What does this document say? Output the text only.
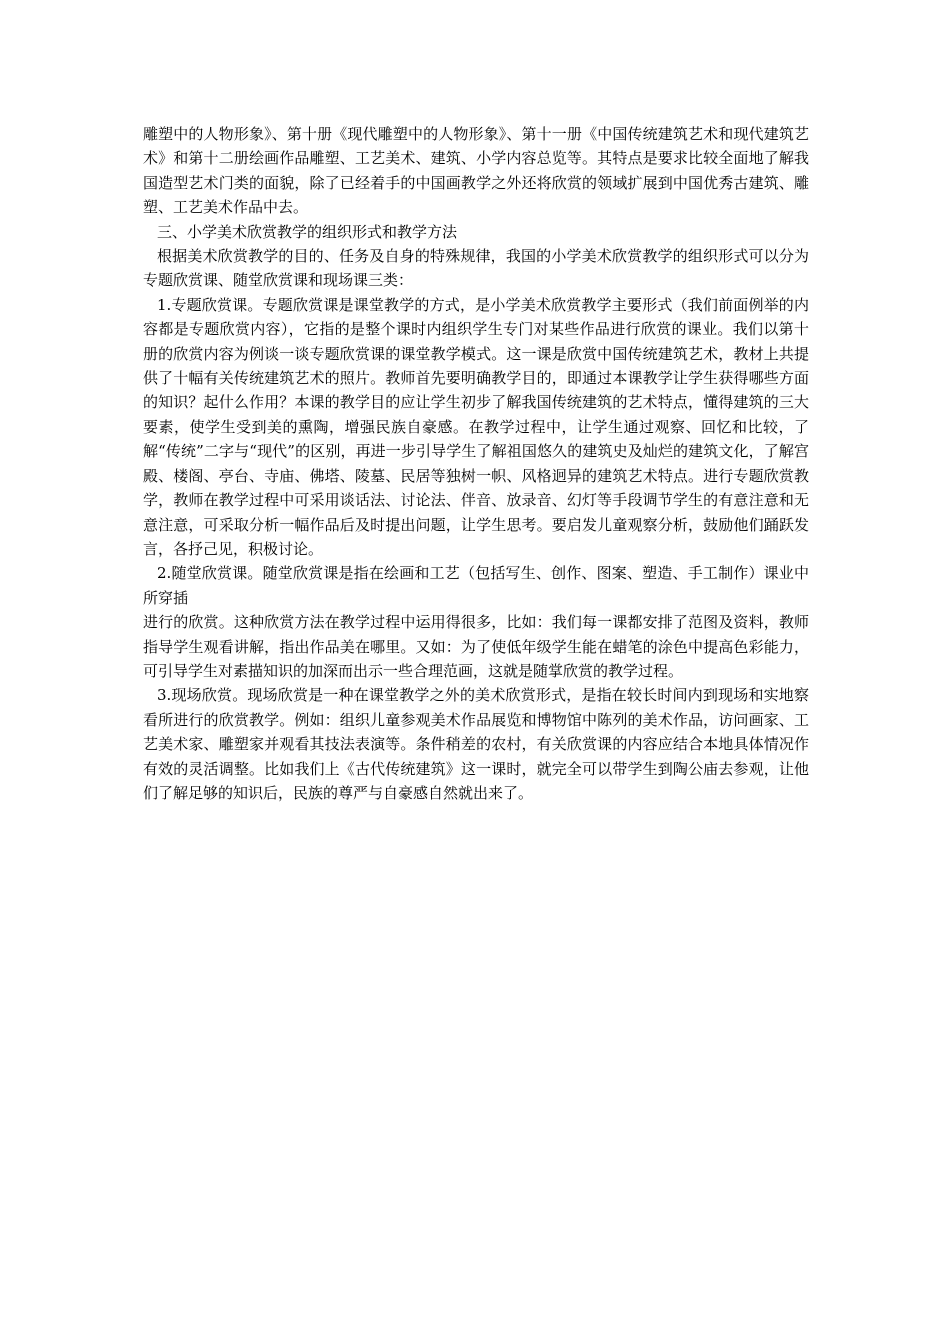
雕塑中的人物形象》、第十册《现代雕塑中的人物形象》、第十一册《中国传统建筑艺术和现代建筑艺术》和第十二册绘画作品雕塑、工艺美术、建筑、小学内容总览等。其特点是要求比较全面地了解我国造型艺术门类的面貌，除了已经着手的中国画教学之外还将欣赏的领域扩展到中国优秀古建筑、雕塑、工艺美术作品中去。

三、小学美术欣赏教学的组织形式和教学方法

根据美术欣赏教学的目的、任务及自身的特殊规律，我国的小学美术欣赏教学的组织形式可以分为专题欣赏课、随堂欣赏课和现场课三类：

1.专题欣赏课。专题欣赏课是课堂教学的方式，是小学美术欣赏教学主要形式（我们前面例举的内容都是专题欣赏内容），它指的是整个课时内组织学生专门对某些作品进行欣赏的课业。我们以第十册的欣赏内容为例谈一谈专题欣赏课的课堂教学模式。这一课是欣赏中国传统建筑艺术，教材上共提供了十幅有关传统建筑艺术的照片。教师首先要明确教学目的，即通过本课教学让学生获得哪些方面的知识？起什么作用？本课的教学目的应让学生初步了解我国传统建筑的艺术特点，懂得建筑的三大要素，使学生受到美的熏陶，增强民族自豪感。在教学过程中，让学生通过观察、回忆和比较，了解“传统”二字与“现代”的区别，再进一步引导学生了解祖国悠久的建筑史及灿烂的建筑文化，了解宫殿、楼阁、亭台、寺庙、佛塔、陵墓、民居等独树一帜、风格迥异的建筑艺术特点。进行专题欣赏教学，教师在教学过程中可采用谈话法、讨论法、伴音、放录音、幻灯等手段调节学生的有意注意和无意注意，可采取分析一幅作品后及时提出问题，让学生思考。要启发儿童观察分析，鼓励他们踊跃发言，各抒己见，积极讨论。

2.随堂欣赏课。随堂欣赏课是指在绘画和工艺（包括写生、创作、图案、塑造、手工制作）课业中所穿插

进行的欣赏。这种欣赏方法在教学过程中运用得很多，比如：我们每一课都安排了范图及资料，教师指导学生观看讲解，指出作品美在哪里。又如：为了使低年级学生能在蜡笔的涂色中提高色彩能力，可引导学生对素描知识的加深而出示一些合理范画，这就是随掌欣赏的教学过程。

3.现场欣赏。现场欣赏是一种在课堂教学之外的美术欣赏形式，是指在较长时间内到现场和实地察看所进行的欣赏教学。例如：组织儿童参观美术作品展览和博物馆中陈列的美术作品，访问画家、工艺美术家、雕塑家并观看其技法表演等。条件稍差的农村，有关欣赏课的内容应结合本地具体情况作有效的灵活调整。比如我们上《古代传统建筑》这一课时，就完全可以带学生到陶公庙去参观，让他们了解足够的知识后，民族的尊严与自豪感自然就出来了。
